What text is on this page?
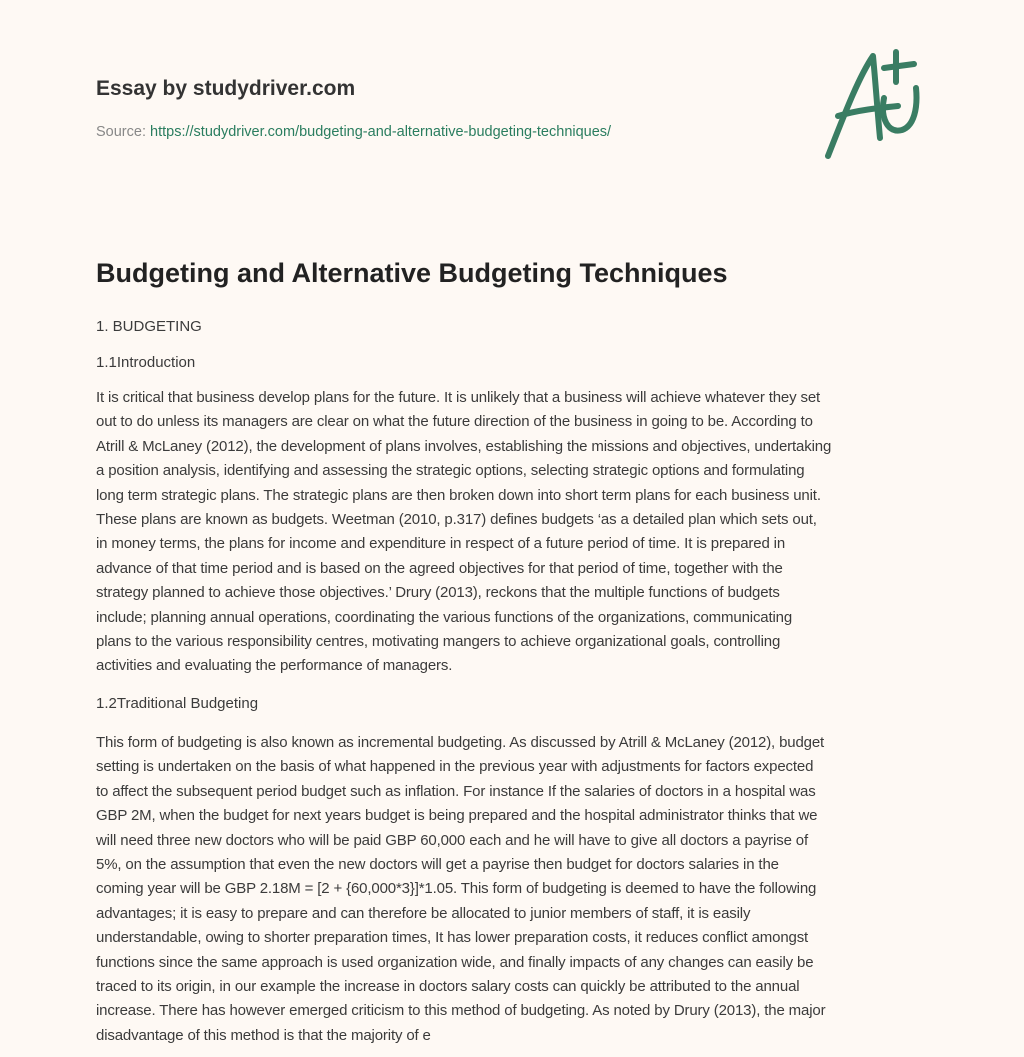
Essay by studydriver.com
Source: https://studydriver.com/budgeting-and-alternative-budgeting-techniques/
Budgeting and Alternative Budgeting Techniques
1. BUDGETING
1.1Introduction
It is critical that business develop plans for the future. It is unlikely that a business will achieve whatever they set
out to do unless its managers are clear on what the future direction of the business in going to be. According to
Atrill & McLaney (2012), the development of plans involves, establishing the missions and objectives, undertaking
a position analysis, identifying and assessing the strategic options, selecting strategic options and formulating
long term strategic plans. The strategic plans are then broken down into short term plans for each business unit.
These plans are known as budgets. Weetman (2010, p.317) defines budgets ‘as a detailed plan which sets out,
in money terms, the plans for income and expenditure in respect of a future period of time. It is prepared in
advance of that time period and is based on the agreed objectives for that period of time, together with the
strategy planned to achieve those objectives.’ Drury (2013), reckons that the multiple functions of budgets
include; planning annual operations, coordinating the various functions of the organizations, communicating
plans to the various responsibility centres, motivating mangers to achieve organizational goals, controlling
activities and evaluating the performance of managers.
1.2Traditional Budgeting
This form of budgeting is also known as incremental budgeting. As discussed by Atrill & McLaney (2012), budget
setting is undertaken on the basis of what happened in the previous year with adjustments for factors expected
to affect the subsequent period budget such as inflation. For instance If the salaries of doctors in a hospital was
GBP 2M, when the budget for next years budget is being prepared and the hospital administrator thinks that we
will need three new doctors who will be paid GBP 60,000 each and he will have to give all doctors a payrise of
5%, on the assumption that even the new doctors will get a payrise then budget for doctors salaries in the
coming year will be GBP 2.18M = [2 + {60,000*3}]*1.05. This form of budgeting is deemed to have the following
advantages; it is easy to prepare and can therefore be allocated to junior members of staff, it is easily
understandable, owing to shorter preparation times, It has lower preparation costs, it reduces conflict amongst
functions since the same approach is used organization wide, and finally impacts of any changes can easily be
traced to its origin, in our example the increase in doctors salary costs can quickly be attributed to the annual
increase. There has however emerged criticism to this method of budgeting. As noted by Drury (2013), the major
disadvantage of this method is that the majority of e
